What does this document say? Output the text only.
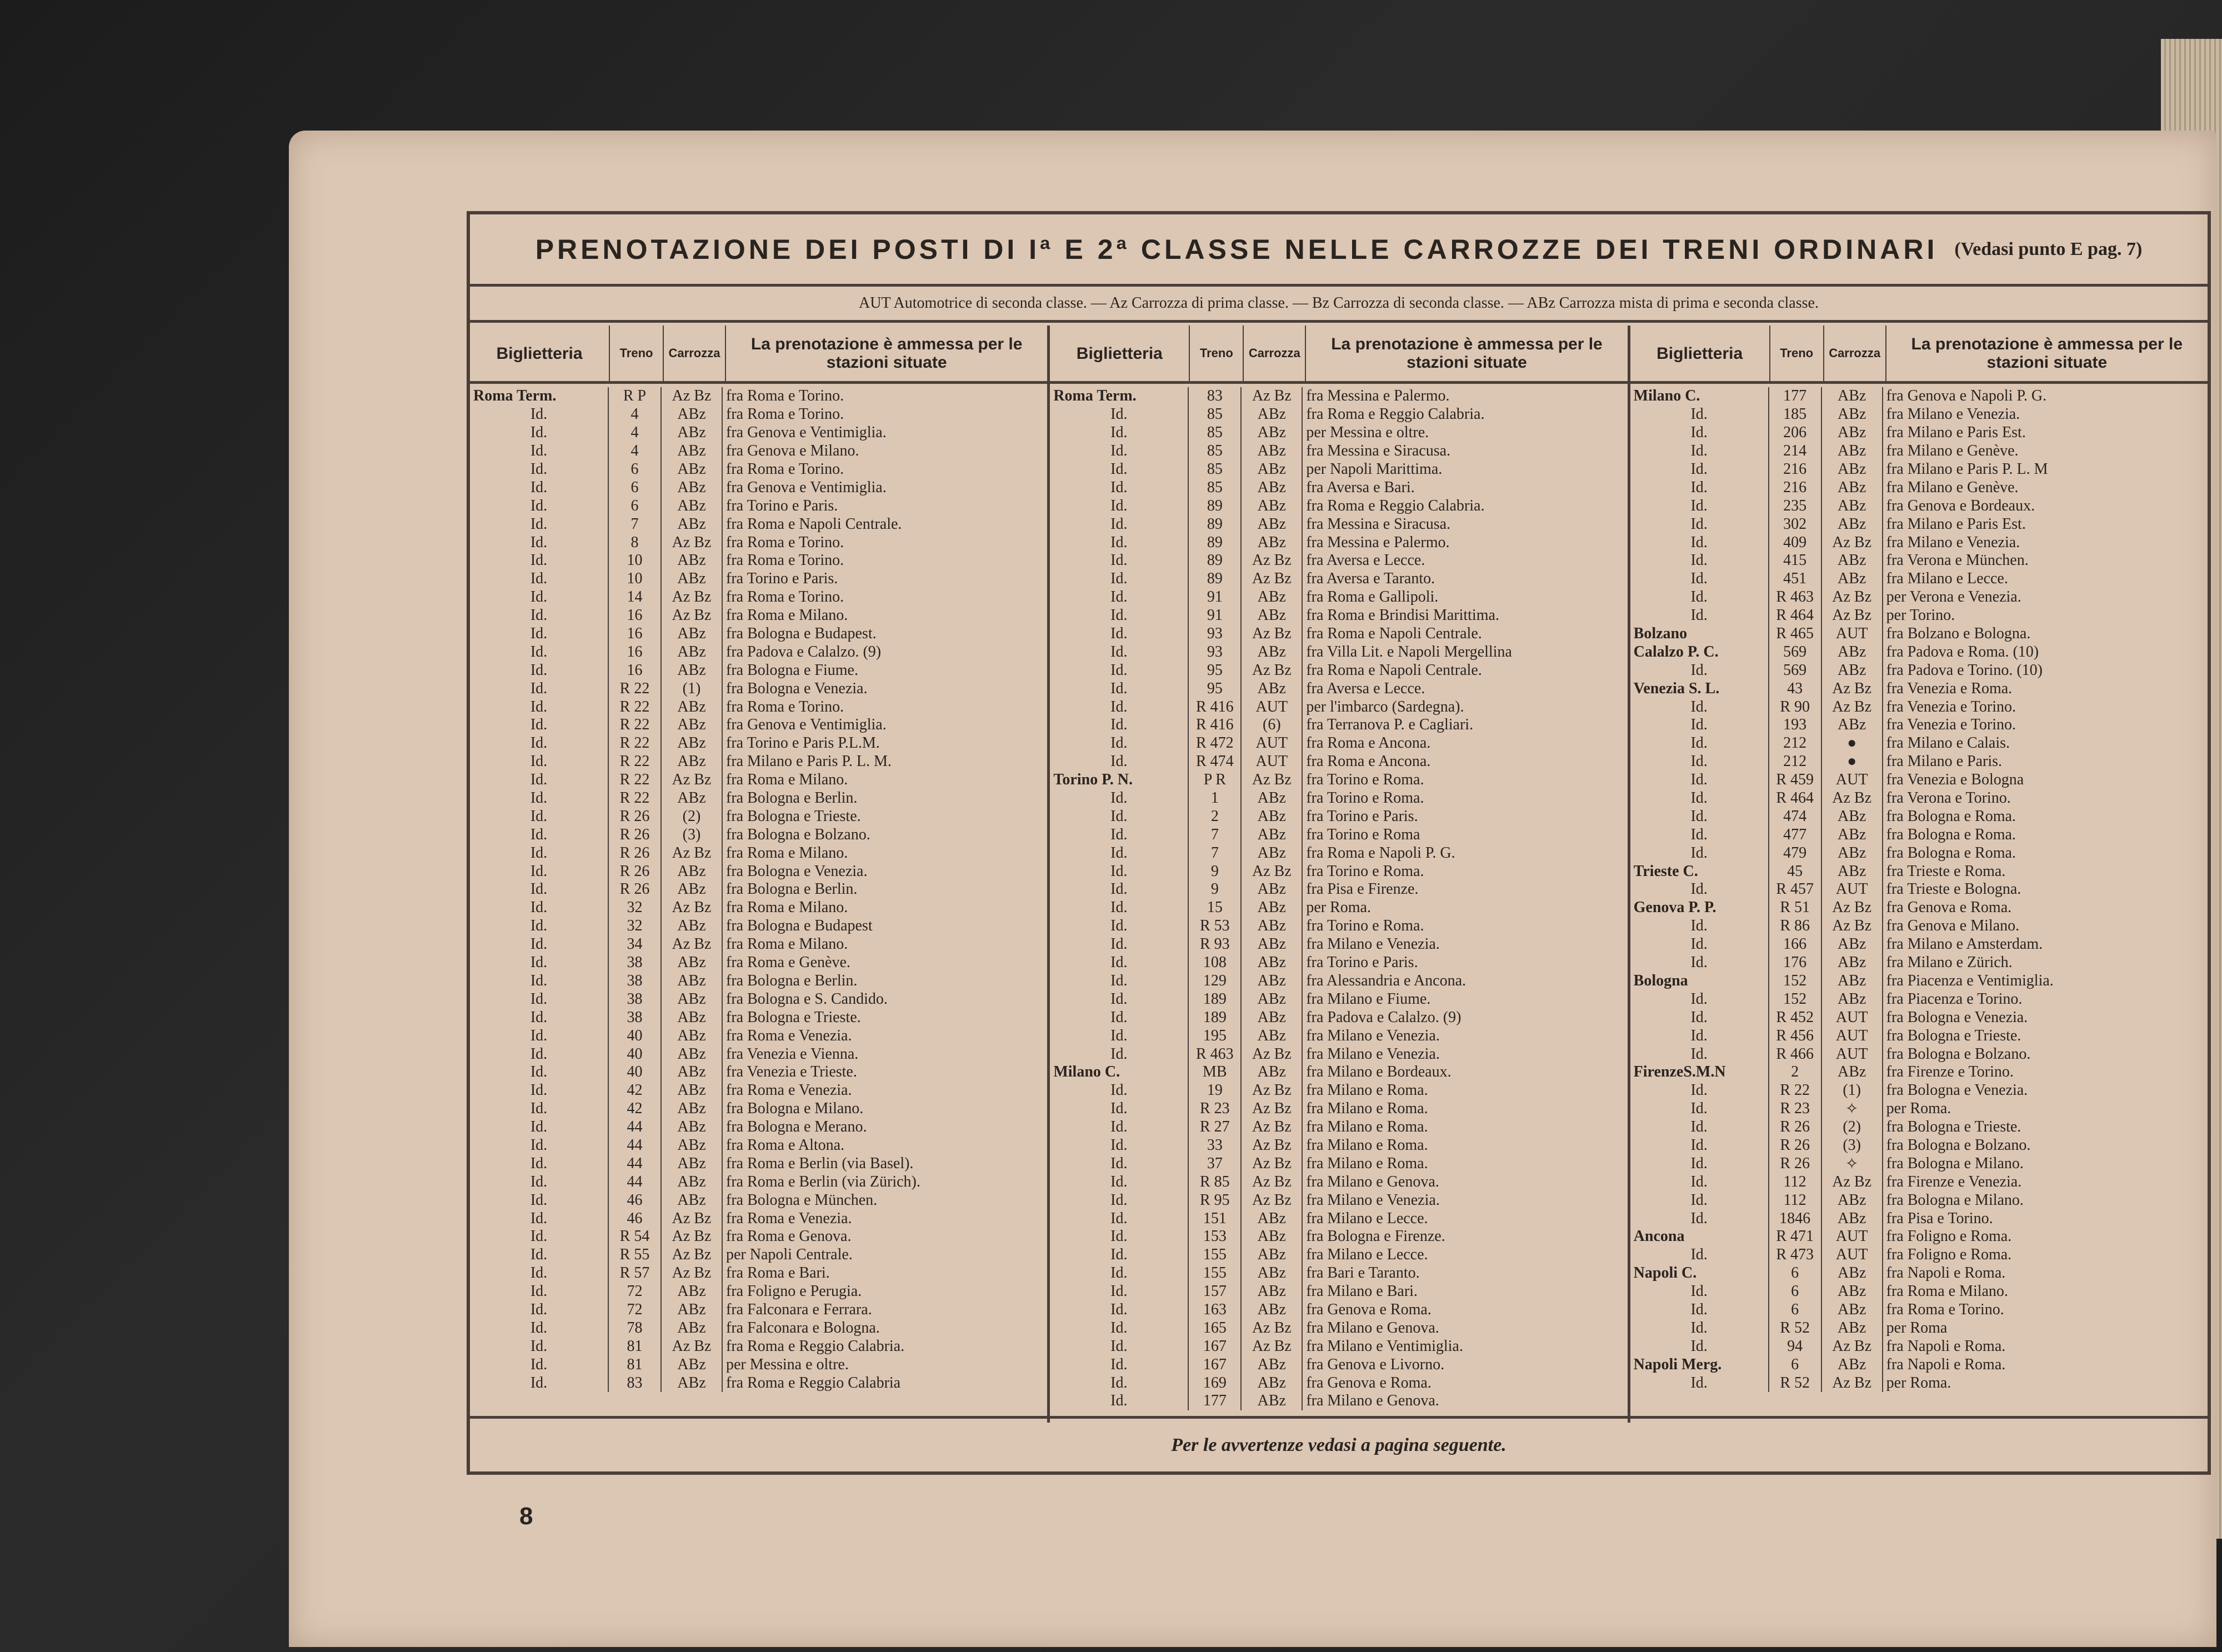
PRENOTAZIONE DEI POSTI DI Iª E 2ª CLASSE NELLE CARROZZE DEI TRENI ORDINARI (Vedasi punto E pag. 7)
AUT Automotrice di seconda classe. — Az Carrozza di prima classe. — Bz Carrozza di seconda classe. — ABz Carrozza mista di prima e seconda classe.
Biglietteria	Treno	Carrozza	La prenotazione è ammessa per le stazioni situate
Roma Term.	R P	Az Bz fra Roma e Torino.
Id.	4	ABz	fra Roma e Torino.
Id.	4	ABz	fra Genova e Ventimiglia.
Id.	4	ABz	fra Genova e Milano.
Id.	6	ABz	fra Roma e Torino.
Id.	6	ABz	fra Genova e Ventimiglia.
Id.	6	ABz	fra Torino e Paris.
Id.	7	ABz	fra Roma e Napoli Centrale.
Id.	8	Az Bz fra Roma e Torino.
Id.	10	ABz	fra Roma e Torino.
Id.	10	ABz	fra Torino e Paris.
Id.	14	Az Bz fra Roma e Torino.
Id.	16	Az Bz fra Roma e Milano.
Id.	16	ABz	fra Bologna e Budapest.
Id.	16	ABz	fra Padova e Calalzo. (9)
Id.	16	ABz	fra Bologna e Fiume.
Id.	R 22	(1)	fra Bologna e Venezia.
Id.	R 22	ABz	fra Roma e Torino.
Id.	R 22	ABz	fra Genova e Ventimiglia.
Id.	R 22	ABz	fra Torino e Paris P.L.M.
Id.	R 22	ABz	fra Milano e Paris P. L. M.
Id.	R 22	Az Bz fra Roma e Milano.
Id.	R 22	ABz	fra Bologna e Berlin.
Id.	R 26	(2)	fra Bologna e Trieste.
Id.	R 26	(3)	fra Bologna e Bolzano.
Id.	R 26	Az Bz fra Roma e Milano.
Id.	R 26	ABz	fra Bologna e Venezia.
Id.	R 26	ABz	fra Bologna e Berlin.
Id.	32	Az Bz fra Roma e Milano.
Id.	32	ABz	fra Bologna e Budapest
Id.	34	Az Bz fra Roma e Milano.
Id.	38	ABz	fra Roma e Genève.
Id.	38	ABz	fra Bologna e Berlin.
Id.	38	ABz	fra Bologna e S. Candido.
Id.	38	ABz	fra Bologna e Trieste.
Id.	40	ABz	fra Roma e Venezia.
Id.	40	ABz	fra Venezia e Vienna.
Id.	40	ABz	fra Venezia e Trieste.
Id.	42	ABz	fra Roma e Venezia.
Id.	42	ABz	fra Bologna e Milano.
Id.	44	ABz	fra Bologna e Merano.
Id.	44	ABz	fra Roma e Altona.
Id.	44	ABz	fra Roma e Berlin (via Basel).
Id.	44	ABz	fra Roma e Berlin (via Zürich).
Id.	46	ABz	fra Bologna e München.
Id.	46	Az Bz fra Roma e Venezia.
Id.	R 54	Az Bz fra Roma e Genova.
Id.	R 55	Az Bz per Napoli Centrale.
Id.	R 57	Az Bz fra Roma e Bari.
Id.	72	ABz	fra Foligno e Perugia.
Id.	72	ABz	fra Falconara e Ferrara.
Id.	78	ABz	fra Falconara e Bologna.
Id.	81	Az Bz fra Roma e Reggio Calabria.
Id.	81	ABz	per Messina e oltre.
Id.	83	ABz	fra Roma e Reggio Calabria
Biglietteria	Treno	Carrozza	La prenotazione è ammessa per le stazioni situate
Roma Term.	83	Az Bz fra Messina e Palermo.
Id.	85	ABz	fra Roma e Reggio Calabria.
Id.	85	ABz	per Messina e oltre.
Id.	85	ABz	fra Messina e Siracusa.
Id.	85	ABz	per Napoli Marittima.
Id.	85	ABz	fra Aversa e Bari.
Id.	89	ABz	fra Roma e Reggio Calabria.
Id.	89	ABz	fra Messina e Siracusa.
Id.	89	ABz	fra Messina e Palermo.
Id.	89	Az Bz fra Aversa e Lecce.
Id.	89	Az Bz fra Aversa e Taranto.
Id.	91	ABz	fra Roma e Gallipoli.
Id.	91	ABz	fra Roma e Brindisi Marittima.
Id.	93	Az Bz fra Roma e Napoli Centrale.
Id.	93	ABz	fra Villa Lit. e Napoli Mergellina
Id.	95	Az Bz fra Roma e Napoli Centrale.
Id.	95	ABz	fra Aversa e Lecce.
Id.	R 416	AUT	per l'imbarco (Sardegna).
Id.	R 416	(6)	fra Terranova P. e Cagliari.
Id.	R 472	AUT	fra Roma e Ancona.
Id.	R 474	AUT	fra Roma e Ancona.
Torino P. N.	P R	Az Bz fra Torino e Roma.
Id.	1	ABz	fra Torino e Roma.
Id.	2	ABz	fra Torino e Paris.
Id.	7	ABz	fra Torino e Roma
Id.	7	ABz	fra Roma e Napoli P. G.
Id.	9	Az Bz fra Torino e Roma.
Id.	9	ABz	fra Pisa e Firenze.
Id.	15	ABz	per Roma.
Id.	R 53	ABz	fra Torino e Roma.
Id.	R 93	ABz	fra Milano e Venezia.
Id.	108	ABz	fra Torino e Paris.
Id.	129	ABz	fra Alessandria e Ancona.
Id.	189	ABz	fra Milano e Fiume.
Id.	189	ABz	fra Padova e Calalzo. (9)
Id.	195	ABz	fra Milano e Venezia.
Id.	R 463	Az Bz fra Milano e Venezia.
Milano C.	MB	ABz	fra Milano e Bordeaux.
Id.	19	Az Bz fra Milano e Roma.
Id.	R 23	Az Bz fra Milano e Roma.
Id.	R 27	Az Bz fra Milano e Roma.
Id.	33	Az Bz fra Milano e Roma.
Id.	37	Az Bz fra Milano e Roma.
Id.	R 85	Az Bz fra Milano e Genova.
Id.	R 95	Az Bz fra Milano e Venezia.
Id.	151	ABz	fra Milano e Lecce.
Id.	153	ABz	fra Bologna e Firenze.
Id.	155	ABz	fra Milano e Lecce.
Id.	155	ABz	fra Bari e Taranto.
Id.	157	ABz	fra Milano e Bari.
Id.	163	ABz	fra Genova e Roma.
Id.	165	Az Bz fra Milano e Genova.
Id.	167	Az Bz fra Milano e Ventimiglia.
Id.	167	ABz	fra Genova e Livorno.
Id.	169	ABz	fra Genova e Roma.
Id.	177	ABz	fra Milano e Genova.
Biglietteria	Treno	Carrozza	La prenotazione è ammessa per le stazioni situate
Milano C.	177	ABz	fra Genova e Napoli P. G.
Id.	185	ABz	fra Milano e Venezia.
Id.	206	ABz	fra Milano e Paris Est.
Id.	214	ABz	fra Milano e Genève.
Id.	216	ABz	fra Milano e Paris P. L. M
Id.	216	ABz	fra Milano e Genève.
Id.	235	ABz	fra Genova e Bordeaux.
Id.	302	ABz	fra Milano e Paris Est.
Id.	409	Az Bz fra Milano e Venezia.
Id.	415	ABz	fra Verona e München.
Id.	451	ABz	fra Milano e Lecce.
Id.	R 463	Az Bz per Verona e Venezia.
Id.	R 464	Az Bz per Torino.
Bolzano	R 465	AUT	fra Bolzano e Bologna.
Calalzo P. C.	569	ABz	fra Padova e Roma. (10)
Id.	569	ABz	fra Padova e Torino. (10)
Venezia S. L.	43	Az Bz fra Venezia e Roma.
Id.	R 90	Az Bz fra Venezia e Torino.
Id.	193	ABz	fra Venezia e Torino.
Id.	212	●	fra Milano e Calais.
Id.	212	●	fra Milano e Paris.
Id.	R 459	AUT	fra Venezia e Bologna
Id.	R 464	Az Bz fra Verona e Torino.
Id.	474	ABz	fra Bologna e Roma.
Id.	477	ABz	fra Bologna e Roma.
Id.	479	ABz	fra Bologna e Roma.
Trieste C.	45	ABz	fra Trieste e Roma.
Id.	R 457	AUT	fra Trieste e Bologna.
Genova P. P.	R 51	Az Bz fra Genova e Roma.
Id.	R 86	Az Bz fra Genova e Milano.
Id.	166	ABz	fra Milano e Amsterdam.
Id.	176	ABz	fra Milano e Zürich.
Bologna	152	ABz	fra Piacenza e Ventimiglia.
Id.	152	ABz	fra Piacenza e Torino.
Id.	R 452	AUT	fra Bologna e Venezia.
Id.	R 456	AUT	fra Bologna e Trieste.
Id.	R 466	AUT	fra Bologna e Bolzano.
FirenzeS.M.N	2	ABz	fra Firenze e Torino.
Id.	R 22	(1)	fra Bologna e Venezia.
Id.	R 23	✧	per Roma.
Id.	R 26	(2)	fra Bologna e Trieste.
Id.	R 26	(3)	fra Bologna e Bolzano.
Id.	R 26	✧	fra Bologna e Milano.
Id.	112	Az Bz fra Firenze e Venezia.
Id.	112	ABz	fra Bologna e Milano.
Id.	1846	ABz	fra Pisa e Torino.
Ancona	R 471	AUT	fra Foligno e Roma.
Id.	R 473	AUT	fra Foligno e Roma.
Napoli C.	6	ABz	fra Napoli e Roma.
Id.	6	ABz	fra Roma e Milano.
Id.	6	ABz	fra Roma e Torino.
Id.	R 52	ABz	per Roma
Id.	94	Az Bz fra Napoli e Roma.
Napoli Merg.	6	ABz	fra Napoli e Roma.
Id.	R 52	Az Bz per Roma.
Per le avvertenze vedasi a pagina seguente.
8
